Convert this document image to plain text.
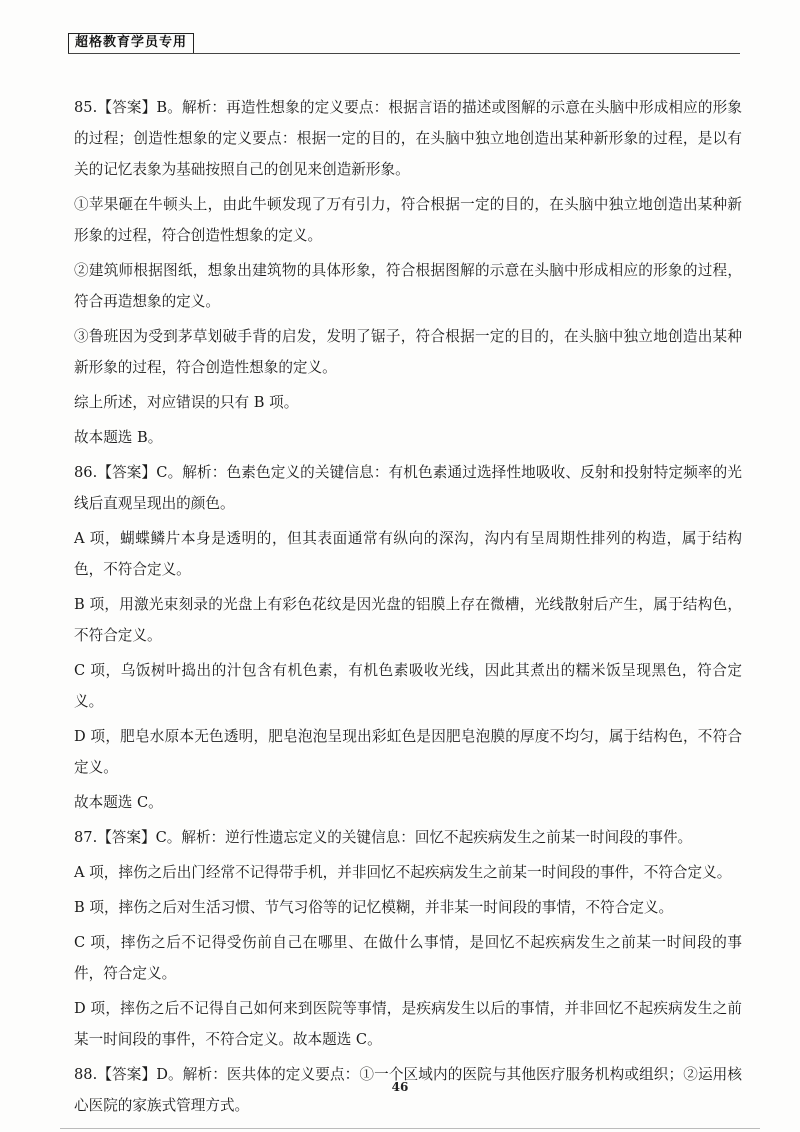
超格教育学员专用

85.【答案】B。解析：再造性想象的定义要点：根据言语的描述或图解的示意在头脑中形成相应的形象的过程；创造性想象的定义要点：根据一定的目的，在头脑中独立地创造出某种新形象的过程，是以有关的记忆表象为基础按照自己的创见来创造新形象。

①苹果砸在牛顿头上，由此牛顿发现了万有引力，符合根据一定的目的，在头脑中独立地创造出某种新形象的过程，符合创造性想象的定义。

②建筑师根据图纸，想象出建筑物的具体形象，符合根据图解的示意在头脑中形成相应的形象的过程，符合再造想象的定义。

③鲁班因为受到茅草划破手背的启发，发明了锯子，符合根据一定的目的，在头脑中独立地创造出某种新形象的过程，符合创造性想象的定义。

综上所述，对应错误的只有 B 项。

故本题选 B。

86.【答案】C。解析：色素色定义的关键信息：有机色素通过选择性地吸收、反射和投射特定频率的光线后直观呈现出的颜色。

A 项，蝴蝶鳞片本身是透明的，但其表面通常有纵向的深沟，沟内有呈周期性排列的构造，属于结构色，不符合定义。

B 项，用激光束刻录的光盘上有彩色花纹是因光盘的铝膜上存在微槽，光线散射后产生，属于结构色，不符合定义。

C 项，乌饭树叶捣出的汁包含有机色素，有机色素吸收光线，因此其煮出的糯米饭呈现黑色，符合定义。

D 项，肥皂水原本无色透明，肥皂泡泡呈现出彩虹色是因肥皂泡膜的厚度不均匀，属于结构色，不符合定义。

故本题选 C。

87.【答案】C。解析：逆行性遗忘定义的关键信息：回忆不起疾病发生之前某一时间段的事件。

A 项，摔伤之后出门经常不记得带手机，并非回忆不起疾病发生之前某一时间段的事件，不符合定义。

B 项，摔伤之后对生活习惯、节气习俗等的记忆模糊，并非某一时间段的事情，不符合定义。

C 项，摔伤之后不记得受伤前自己在哪里、在做什么事情，是回忆不起疾病发生之前某一时间段的事件，符合定义。

D 项，摔伤之后不记得自己如何来到医院等事情，是疾病发生以后的事情，并非回忆不起疾病发生之前某一时间段的事件，不符合定义。故本题选 C。

88.【答案】D。解析：医共体的定义要点：①一个区域内的医院与其他医疗服务机构或组织；②运用核心医院的家族式管理方式。

46
